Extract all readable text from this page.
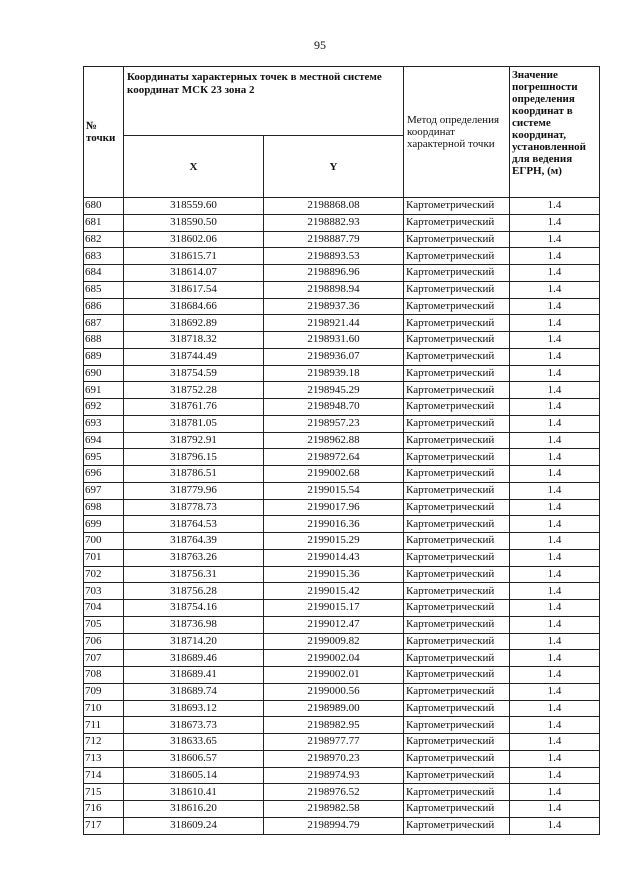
95
№ точки	Координаты характерных точек в местной системе координат МСК 23 зона 2		Метод определения координат характерной точки	Значение погрешности определения координат в системе координат, установленной для ведения ЕГРН, (м)
	X	Y		
680	318559.60	2198868.08	Картометрический	1.4
681	318590.50	2198882.93	Картометрический	1.4
682	318602.06	2198887.79	Картометрический	1.4
683	318615.71	2198893.53	Картометрический	1.4
684	318614.07	2198896.96	Картометрический	1.4
685	318617.54	2198898.94	Картометрический	1.4
686	318684.66	2198937.36	Картометрический	1.4
687	318692.89	2198921.44	Картометрический	1.4
688	318718.32	2198931.60	Картометрический	1.4
689	318744.49	2198936.07	Картометрический	1.4
690	318754.59	2198939.18	Картометрический	1.4
691	318752.28	2198945.29	Картометрический	1.4
692	318761.76	2198948.70	Картометрический	1.4
693	318781.05	2198957.23	Картометрический	1.4
694	318792.91	2198962.88	Картометрический	1.4
695	318796.15	2198972.64	Картометрический	1.4
696	318786.51	2199002.68	Картометрический	1.4
697	318779.96	2199015.54	Картометрический	1.4
698	318778.73	2199017.96	Картометрический	1.4
699	318764.53	2199016.36	Картометрический	1.4
700	318764.39	2199015.29	Картометрический	1.4
701	318763.26	2199014.43	Картометрический	1.4
702	318756.31	2199015.36	Картометрический	1.4
703	318756.28	2199015.42	Картометрический	1.4
704	318754.16	2199015.17	Картометрический	1.4
705	318736.98	2199012.47	Картометрический	1.4
706	318714.20	2199009.82	Картометрический	1.4
707	318689.46	2199002.04	Картометрический	1.4
708	318689.41	2199002.01	Картометрический	1.4
709	318689.74	2199000.56	Картометрический	1.4
710	318693.12	2198989.00	Картометрический	1.4
711	318673.73	2198982.95	Картометрический	1.4
712	318633.65	2198977.77	Картометрический	1.4
713	318606.57	2198970.23	Картометрический	1.4
714	318605.14	2198974.93	Картометрический	1.4
715	318610.41	2198976.52	Картометрический	1.4
716	318616.20	2198982.58	Картометрический	1.4
717	318609.24	2198994.79	Картометрический	1.4
